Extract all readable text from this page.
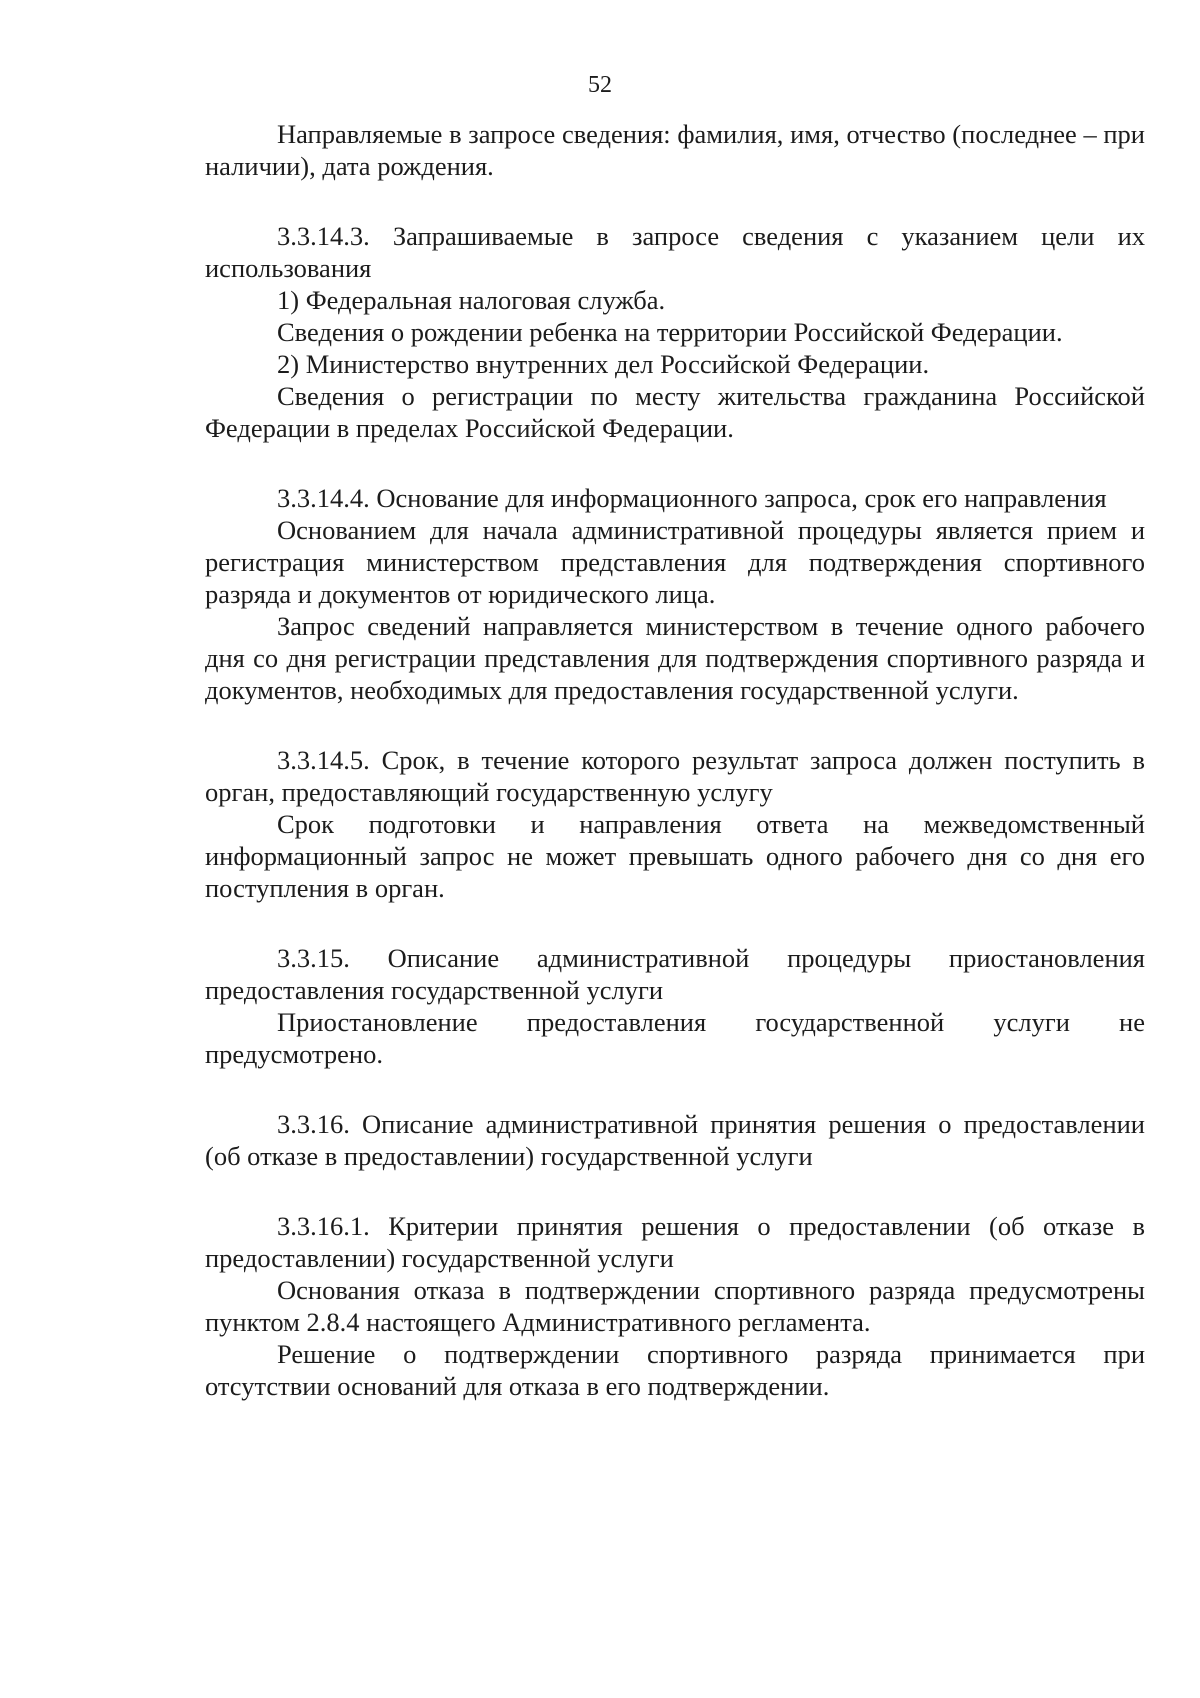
52

Направляемые в запросе сведения: фамилия, имя, отчество (последнее – при наличии), дата рождения.

3.3.14.3. Запрашиваемые в запросе сведения с указанием цели их использования

1) Федеральная налоговая служба.

Сведения о рождении ребенка на территории Российской Федерации.

2) Министерство внутренних дел Российской Федерации.

Сведения о регистрации по месту жительства гражданина Российской Федерации в пределах Российской Федерации.

3.3.14.4. Основание для информационного запроса, срок его направления

Основанием для начала административной процедуры является прием и регистрация министерством представления для подтверждения спортивного разряда и документов от юридического лица.

Запрос сведений направляется министерством в течение одного рабочего дня со дня регистрации представления для подтверждения спортивного разряда и документов, необходимых для предоставления государственной услуги.

3.3.14.5. Срок, в течение которого результат запроса должен поступить в орган, предоставляющий государственную услугу

Срок подготовки и направления ответа на межведомственный информационный запрос не может превышать одного рабочего дня со дня его поступления в орган.

3.3.15. Описание административной процедуры приостановления предоставления государственной услуги

Приостановление предоставления государственной услуги не предусмотрено.

3.3.16. Описание административной принятия решения о предоставлении (об отказе в предоставлении) государственной услуги

3.3.16.1. Критерии принятия решения о предоставлении (об отказе в предоставлении) государственной услуги

Основания отказа в подтверждении спортивного разряда предусмотрены пунктом 2.8.4 настоящего Административного регламента.

Решение о подтверждении спортивного разряда принимается при отсутствии оснований для отказа в его подтверждении.
